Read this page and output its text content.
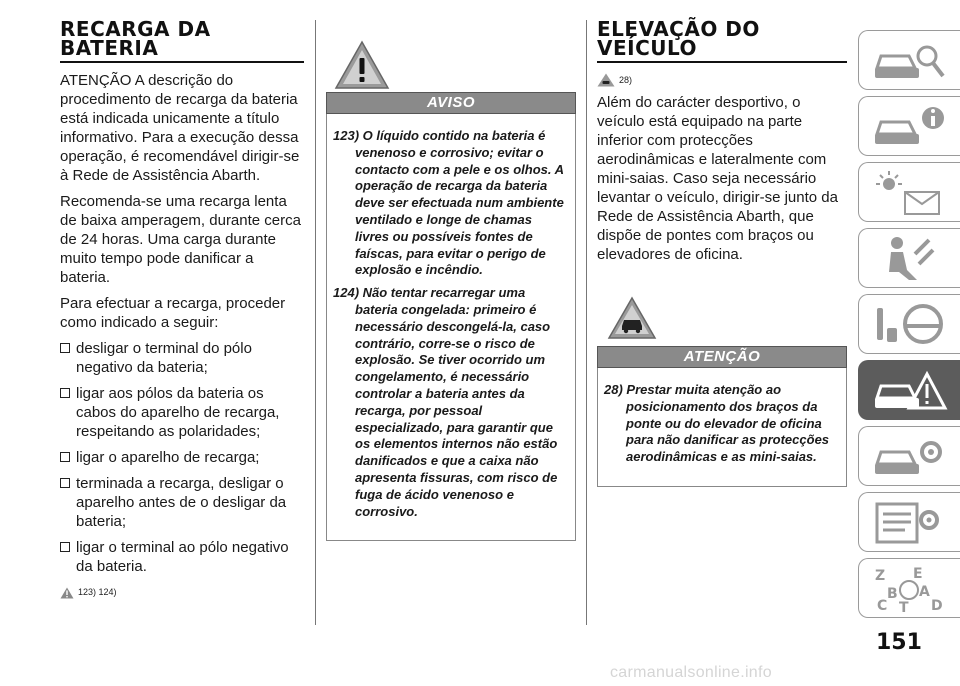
RECARGA DA
BATERIA

ATENÇÃO A descrição do procedimento de recarga da bateria está indicada unicamente a título informativo. Para a execução dessa operação, é recomendável dirigir-se à Rede de Assistência Abarth.

Recomenda-se uma recarga lenta de baixa amperagem, durante cerca de 24 horas. Uma carga durante muito tempo pode danificar a bateria.

Para efectuar a recarga, proceder como indicado a seguir:

desligar o terminal do pólo negativo da bateria;
ligar aos pólos da bateria os cabos do aparelho de recarga, respeitando as polaridades;
ligar o aparelho de recarga;
terminada a recarga, desligar o aparelho antes de o desligar da bateria;
ligar o terminal ao pólo negativo da bateria.
123) 124)
AVISO

123) O líquido contido na bateria é venenoso e corrosivo; evitar o contacto com a pele e os olhos. A operação de recarga da bateria deve ser efectuada num ambiente ventilado e longe de chamas livres ou possíveis fontes de faíscas, para evitar o perigo de explosão e incêndio.

124) Não tentar recarregar uma bateria congelada: primeiro é necessário descongelá-la, caso contrário, corre-se o risco de explosão. Se tiver ocorrido um congelamento, é necessário controlar a bateria antes da recarga, por pessoal especializado, para garantir que os elementos internos não estão danificados e que a caixa não apresenta fissuras, com risco de fuga de ácido venenoso e corrosivo.

ELEVAÇÃO DO
VEÍCULO
28)

Além do carácter desportivo, o veículo está equipado na parte inferior com protecções aerodinâmicas e lateralmente com mini-saias. Caso seja necessário levantar o veículo, dirigir-se junto da Rede de Assistência Abarth, que dispõe de pontes com braços ou elevadores de oficina.

ATENÇÃO

28) Prestar muita atenção ao posicionamento dos braços da ponte ou do elevador de oficina para não danificar as protecções aerodinâmicas e as mini-saias.

Z E
B A
C T D
151
carmanualsonline.info
